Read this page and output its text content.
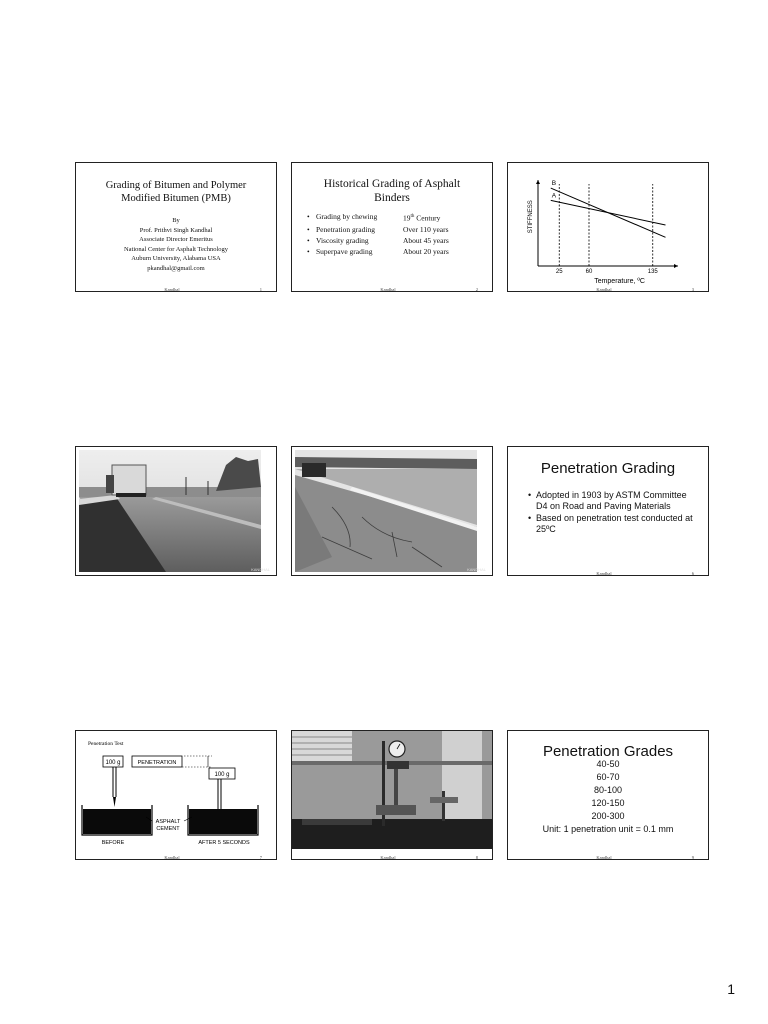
Grading of Bitumen and Polymer
Modified Bitumen (PMB)
By
Prof. Prithvi Singh Kandhal
Associate Director Emeritus
National Center for Asphalt Technology
Auburn University, Alabama USA
pkandhal@gmail.com
Kandhal	1
Historical Grading of Asphalt
Binders
• Grading by chewing	19th Century
• Penetration grading	Over 110 years
• Viscosity grading	About 45 years
• Superpave grading	About 20 years
Kandhal	2
25	60	135
A
B
Temperature, ºC
STIFFNESS
Kandhal	3
KANDHAL	KANDHAL
Penetration Grading
• Adopted in 1903 by ASTM Committee D4 on Road and Paving Materials
• Based on penetration test conducted at 25ºC
Kandhal	6
Penetration Test
100 g	PENETRATION
100 g
ASPHALT
CEMENT
BEFORE	AFTER 5 SECONDS
Kandhal	7	Kandhal	8
Penetration Grades
40-50
60-70
80-100
120-150
200-300
Unit: 1 penetration unit = 0.1 mm
Kandhal	9
1
